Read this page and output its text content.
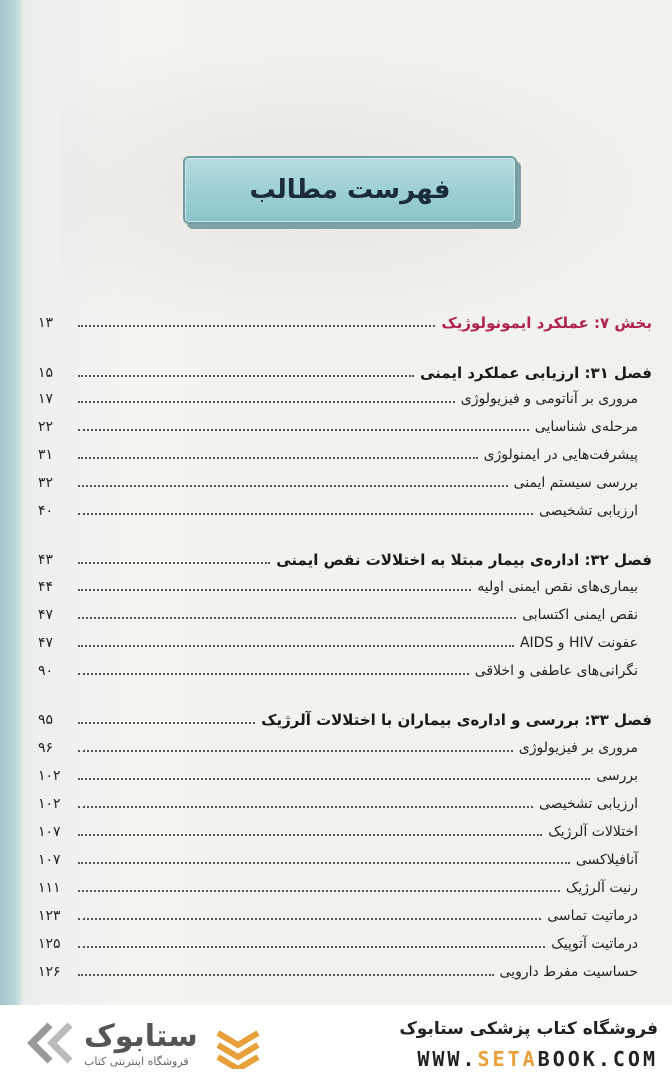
فهرست مطالب
بخش ۷: عملکرد ایمونولوژیک
۱۳
فصل ۳۱: ارزیابی عملکرد ایمنی
۱۵
مروری بر آناتومی و فیزیولوژی
۱۷
مرحله‌ی شناسایی
۲۲
پیشرفت‌هایی در ایمنولوژی
۳۱
بررسی سیستم ایمنی
۳۲
ارزیابی تشخیصی
۴۰
فصل ۳۲: اداره‌ی بیمار مبتلا به اختلالات نقص ایمنی
۴۳
بیماری‌های نقص ایمنی اولیه
۴۴
نقص ایمنی اکتسابی
۴۷
عفونت HIV و AIDS
۴۷
نگرانی‌های عاطفی و اخلاقی
۹۰
فصل ۳۳: بررسی و اداره‌ی بیماران با اختلالات آلرژیک
۹۵
مروری بر فیزیولوژی
۹۶
بررسی
۱۰۲
ارزیابی تشخیصی
۱۰۲
اختلالات آلرژیک
۱۰۷
آنافیلاکسی
۱۰۷
رنیت آلرژیک
۱۱۱
درماتیت تماسی
۱۲۳
درماتیت آتوپیک
۱۲۵
حساسیت مفرط دارویی
۱۲۶
ستابوک
فروشگاه اینترنتی کتاب
فروشگاه کتاب پزشکی ستابوک
WWW.SETABOOK.COM
